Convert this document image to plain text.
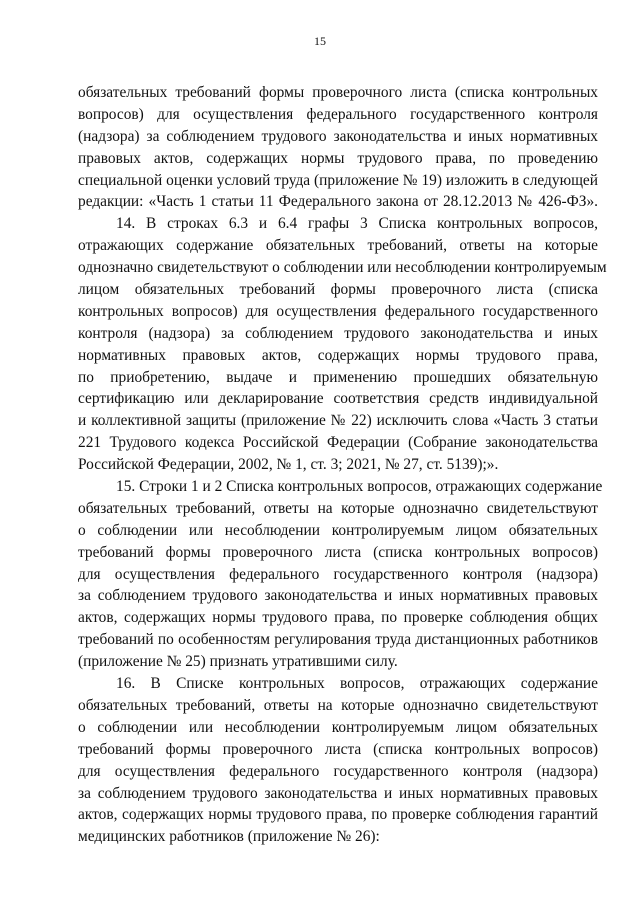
15
обязательных требований формы проверочного листа (списка контрольных
вопросов) для осуществления федерального государственного контроля
(надзора) за соблюдением трудового законодательства и иных нормативных
правовых актов, содержащих нормы трудового права, по проведению
специальной оценки условий труда (приложение № 19) изложить в следующей
редакции: «Часть 1 статьи 11 Федерального закона от 28.12.2013 № 426-ФЗ».
14. В строках 6.3 и 6.4 графы 3 Списка контрольных вопросов,
отражающих содержание обязательных требований, ответы на которые
однозначно свидетельствуют о соблюдении или несоблюдении контролируемым
лицом обязательных требований формы проверочного листа (списка
контрольных вопросов) для осуществления федерального государственного
контроля (надзора) за соблюдением трудового законодательства и иных
нормативных правовых актов, содержащих нормы трудового права,
по приобретению, выдаче и применению прошедших обязательную
сертификацию или декларирование соответствия средств индивидуальной
и коллективной защиты (приложение № 22) исключить слова «Часть 3 статьи
221 Трудового кодекса Российской Федерации (Собрание законодательства
Российской Федерации, 2002, № 1, ст. 3; 2021, № 27, ст. 5139);».
15. Строки 1 и 2 Списка контрольных вопросов, отражающих содержание
обязательных требований, ответы на которые однозначно свидетельствуют
о соблюдении или несоблюдении контролируемым лицом обязательных
требований формы проверочного листа (списка контрольных вопросов)
для осуществления федерального государственного контроля (надзора)
за соблюдением трудового законодательства и иных нормативных правовых
актов, содержащих нормы трудового права, по проверке соблюдения общих
требований по особенностям регулирования труда дистанционных работников
(приложение № 25) признать утратившими силу.
16. В Списке контрольных вопросов, отражающих содержание
обязательных требований, ответы на которые однозначно свидетельствуют
о соблюдении или несоблюдении контролируемым лицом обязательных
требований формы проверочного листа (списка контрольных вопросов)
для осуществления федерального государственного контроля (надзора)
за соблюдением трудового законодательства и иных нормативных правовых
актов, содержащих нормы трудового права, по проверке соблюдения гарантий
медицинских работников (приложение № 26):
